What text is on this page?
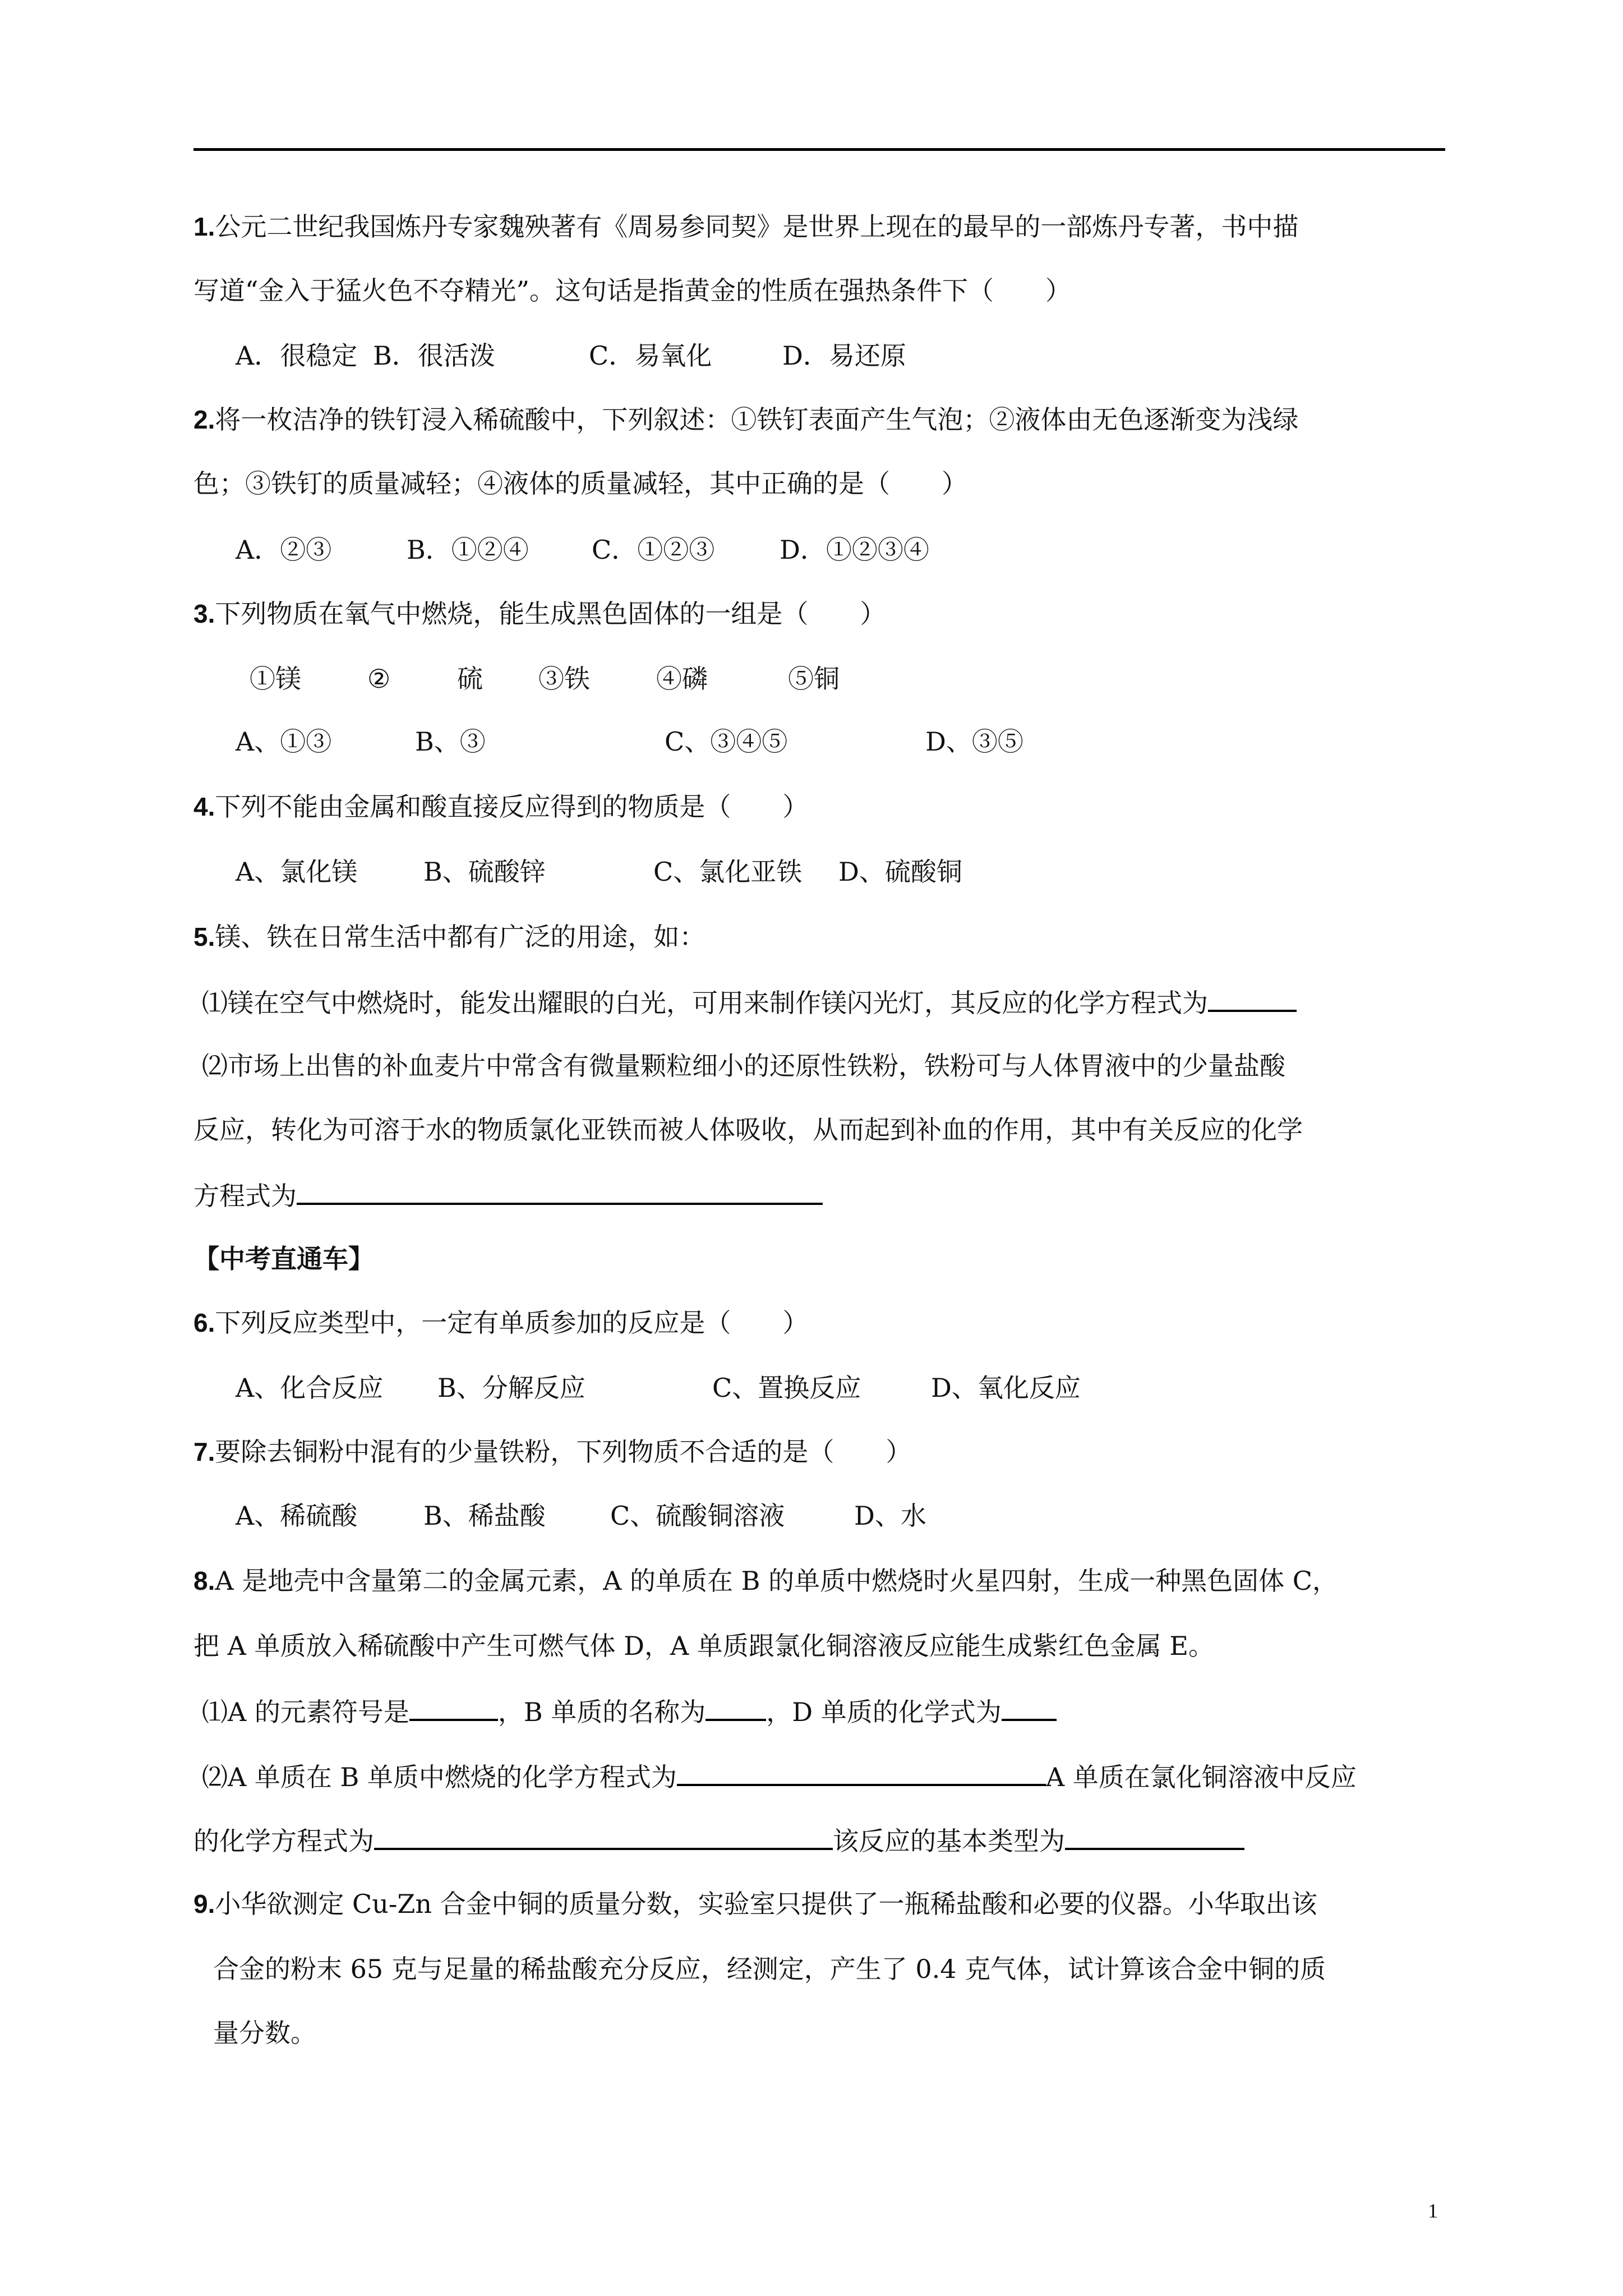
1.公元二世纪我国炼丹专家魏殃著有《周易参同契》是世界上现在的最早的一部炼丹专著，书中描
写道“金入于猛火色不夺精光”。这句话是指黄金的性质在强热条件下（　　）
A．很稳定 B．很活泼	C．易氧化	D．易还原
2.将一枚洁净的铁钉浸入稀硫酸中，下列叙述：①铁钉表面产生气泡；②液体由无色逐渐变为浅绿
色；③铁钉的质量减轻；④液体的质量减轻，其中正确的是（　　）
A．②③	B．①②④ C．①②③	D．①②③④
3.下列物质在氧气中燃烧，能生成黑色固体的一组是（　　）
①镁	②	硫 ③铁	④磷	⑤铜
A、①③	B、③	C、③④⑤	D、③⑤
4.下列不能由金属和酸直接反应得到的物质是（　　）
A、氯化镁	B、硫酸锌	C、氯化亚铁 D、硫酸铜
5.镁、铁在日常生活中都有广泛的用途，如：
⑴镁在空气中燃烧时，能发出耀眼的白光，可用来制作镁闪光灯，其反应的化学方程式为
⑵市场上出售的补血麦片中常含有微量颗粒细小的还原性铁粉，铁粉可与人体胃液中的少量盐酸
反应，转化为可溶于水的物质氯化亚铁而被人体吸收，从而起到补血的作用，其中有关反应的化学
方程式为
【中考直通车】
6.下列反应类型中，一定有单质参加的反应是（　　）
A、化合反应 B、分解反应	C、置换反应	D、氧化反应
7.要除去铜粉中混有的少量铁粉，下列物质不合适的是（　　）
A、稀硫酸	B、稀盐酸	C、硫酸铜溶液	D、水
8.A 是地壳中含量第二的金属元素，A 的单质在 B 的单质中燃烧时火星四射，生成一种黑色固体 C，
把 A 单质放入稀硫酸中产生可燃气体 D，A 单质跟氯化铜溶液反应能生成紫红色金属 E。
⑴A 的元素符号是	，B 单质的名称为 ，D 单质的化学式为
⑵A 单质在 B 单质中燃烧的化学方程式为	A 单质在氯化铜溶液中反应
的化学方程式为	该反应的基本类型为
9.小华欲测定 Cu-Zn 合金中铜的质量分数，实验室只提供了一瓶稀盐酸和必要的仪器。小华取出该
合金的粉末 65 克与足量的稀盐酸充分反应，经测定，产生了 0.4 克气体，试计算该合金中铜的质
量分数。
1
